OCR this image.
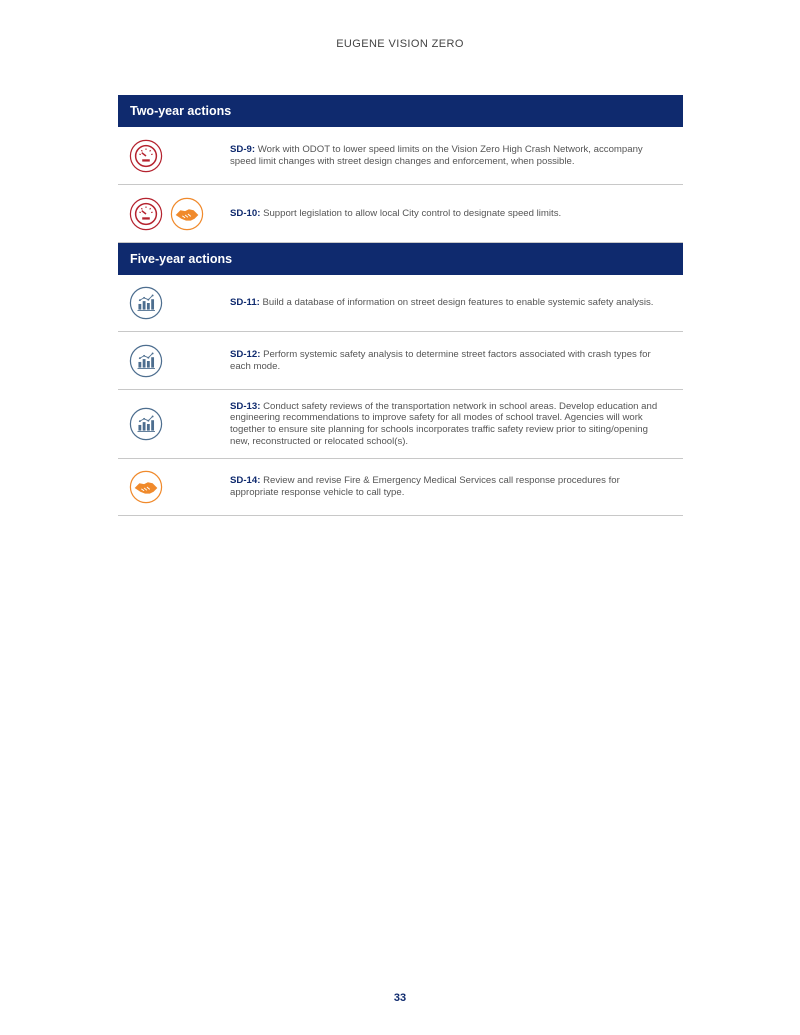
EUGENE VISION ZERO
Two-year actions
SD-9: Work with ODOT to lower speed limits on the Vision Zero High Crash Network, accompany speed limit changes with street design changes and enforcement, when possible.
SD-10: Support legislation to allow local City control to designate speed limits.
Five-year actions
SD-11: Build a database of information on street design features to enable systemic safety analysis.
SD-12: Perform systemic safety analysis to determine street factors associated with crash types for each mode.
SD-13: Conduct safety reviews of the transportation network in school areas. Develop education and engineering recommendations to improve safety for all modes of school travel. Agencies will work together to ensure site planning for schools incorporates traffic safety review prior to siting/opening new, reconstructed or relocated school(s).
SD-14: Review and revise Fire & Emergency Medical Services call response procedures for appropriate response vehicle to call type.
33
